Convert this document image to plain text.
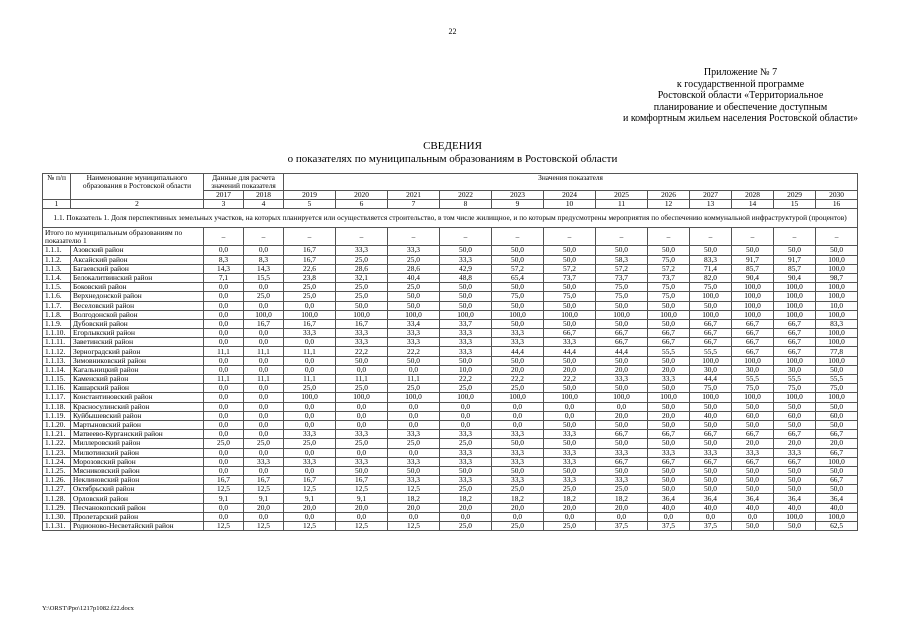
22
Приложение № 7
к государственной программе
Ростовской области «Территориальное
планирование и обеспечение доступным
и комфортным жильем населения Ростовской области»
СВЕДЕНИЯ
о показателях по муниципальным образованиям в Ростовской области
№ п/п	Наименование муниципального образования в Ростовской области	Данные для расчета значений показателя		Значения показателя											

		2017	2018	2019	2020	2021	2022	2023	2024	2025	2026	2027	2028	2029	2030
1	2	3	4	5	6	7	8	9	10	11	12	13	14	15	16
1.1. Показатель 1. Доля перспективных земельных участков, на которых планируется или осуществляется строительство, в том числе жилищное, и по которым предусмотрены мероприятия по обеспечению коммунальной инфраструктурой (процентов)															
Итого по муниципальным образованиям по показателю 1		–	–	–	–	–	–	–	–	–	–	–	–	–	–
1.1.1.	Азовский район	0,0	0,0	16,7	33,3	33,3	50,0	50,0	50,0	50,0	50,0	50,0	50,0	50,0	50,0
1.1.2.	Аксайский район	8,3	8,3	16,7	25,0	25,0	33,3	50,0	50,0	58,3	75,0	83,3	91,7	91,7	100,0
1.1.3.	Багаевский район	14,3	14,3	22,6	28,6	28,6	42,9	57,2	57,2	57,2	57,2	71,4	85,7	85,7	100,0
1.1.4.	Белокалитвинский район	7,1	15,5	23,8	32,1	40,4	48,8	65,4	73,7	73,7	73,7	82,0	90,4	90,4	98,7
1.1.5.	Боковский район	0,0	0,0	25,0	25,0	25,0	50,0	50,0	50,0	75,0	75,0	75,0	100,0	100,0	100,0
1.1.6.	Верхнедонской район	0,0	25,0	25,0	25,0	50,0	50,0	75,0	75,0	75,0	75,0	100,0	100,0	100,0	100,0
1.1.7.	Веселовский район	0,0	0,0	0,0	50,0	50,0	50,0	50,0	50,0	50,0	50,0	50,0	100,0	100,0	10,0
1.1.8.	Волгодонской район	0,0	100,0	100,0	100,0	100,0	100,0	100,0	100,0	100,0	100,0	100,0	100,0	100,0	100,0
1.1.9.	Дубовский район	0,0	16,7	16,7	16,7	33,4	33,7	50,0	50,0	50,0	50,0	66,7	66,7	66,7	83,3
1.1.10.	Егорлыкский район	0,0	0,0	33,3	33,3	33,3	33,3	33,3	66,7	66,7	66,7	66,7	66,7	66,7	100,0
1.1.11.	Заветинский район	0,0	0,0	0,0	33,3	33,3	33,3	33,3	33,3	66,7	66,7	66,7	66,7	66,7	100,0
1.1.12.	Зерноградский район	11,1	11,1	11,1	22,2	22,2	33,3	44,4	44,4	44,4	55,5	55,5	66,7	66,7	77,8
1.1.13.	Зимовниковский район	0,0	0,0	0,0	50,0	50,0	50,0	50,0	50,0	50,0	50,0	100,0	100,0	100,0	100,0
1.1.14.	Кагальницкий район	0,0	0,0	0,0	0,0	0,0	10,0	20,0	20,0	20,0	20,0	30,0	30,0	30,0	50,0
1.1.15.	Каменский район	11,1	11,1	11,1	11,1	11,1	22,2	22,2	22,2	33,3	33,3	44,4	55,5	55,5	55,5
1.1.16.	Кашарский район	0,0	0,0	25,0	25,0	25,0	25,0	25,0	50,0	50,0	50,0	75,0	75,0	75,0	75,0
1.1.17.	Константиновский район	0,0	0,0	100,0	100,0	100,0	100,0	100,0	100,0	100,0	100,0	100,0	100,0	100,0	100,0
1.1.18.	Красносулинский район	0,0	0,0	0,0	0,0	0,0	0,0	0,0	0,0	0,0	50,0	50,0	50,0	50,0	50,0
1.1.19.	Куйбышевский район	0,0	0,0	0,0	0,0	0,0	0,0	0,0	0,0	20,0	20,0	40,0	60,0	60,0	60,0
1.1.20.	Мартыновский район	0,0	0,0	0,0	0,0	0,0	0,0	0,0	50,0	50,0	50,0	50,0	50,0	50,0	50,0
1.1.21.	Матвеево-Курганский район	0,0	0,0	33,3	33,3	33,3	33,3	33,3	33,3	66,7	66,7	66,7	66,7	66,7	66,7
1.1.22.	Миллеровский район	25,0	25,0	25,0	25,0	25,0	25,0	50,0	50,0	50,0	50,0	50,0	20,0	20,0	20,0
1.1.23.	Милютинский район	0,0	0,0	0,0	0,0	0,0	33,3	33,3	33,3	33,3	33,3	33,3	33,3	33,3	66,7
1.1.24.	Морозовский район	0,0	33,3	33,3	33,3	33,3	33,3	33,3	33,3	66,7	66,7	66,7	66,7	66,7	100,0
1.1.25.	Мясниковский район	0,0	0,0	0,0	50,0	50,0	50,0	50,0	50,0	50,0	50,0	50,0	50,0	50,0	50,0
1.1.26.	Неклиновский район	16,7	16,7	16,7	16,7	33,3	33,3	33,3	33,3	33,3	50,0	50,0	50,0	50,0	66,7
1.1.27.	Октябрьский район	12,5	12,5	12,5	12,5	12,5	25,0	25,0	25,0	25,0	50,0	50,0	50,0	50,0	50,0
1.1.28.	Орловский район	9,1	9,1	9,1	9,1	18,2	18,2	18,2	18,2	18,2	36,4	36,4	36,4	36,4	36,4
1.1.29.	Песчанокопский район	0,0	20,0	20,0	20,0	20,0	20,0	20,0	20,0	20,0	40,0	40,0	40,0	40,0	40,0
1.1.30.	Пролетарский район	0,0	0,0	0,0	0,0	0,0	0,0	0,0	0,0	0,0	0,0	0,0	0,0	100,0	100,0
1.1.31.	Родионово-Несветайский район	12,5	12,5	12,5	12,5	12,5	25,0	25,0	25,0	37,5	37,5	37,5	50,0	50,0	62,5
Y:\ORST\Ppo\1217p1082.f22.docx
